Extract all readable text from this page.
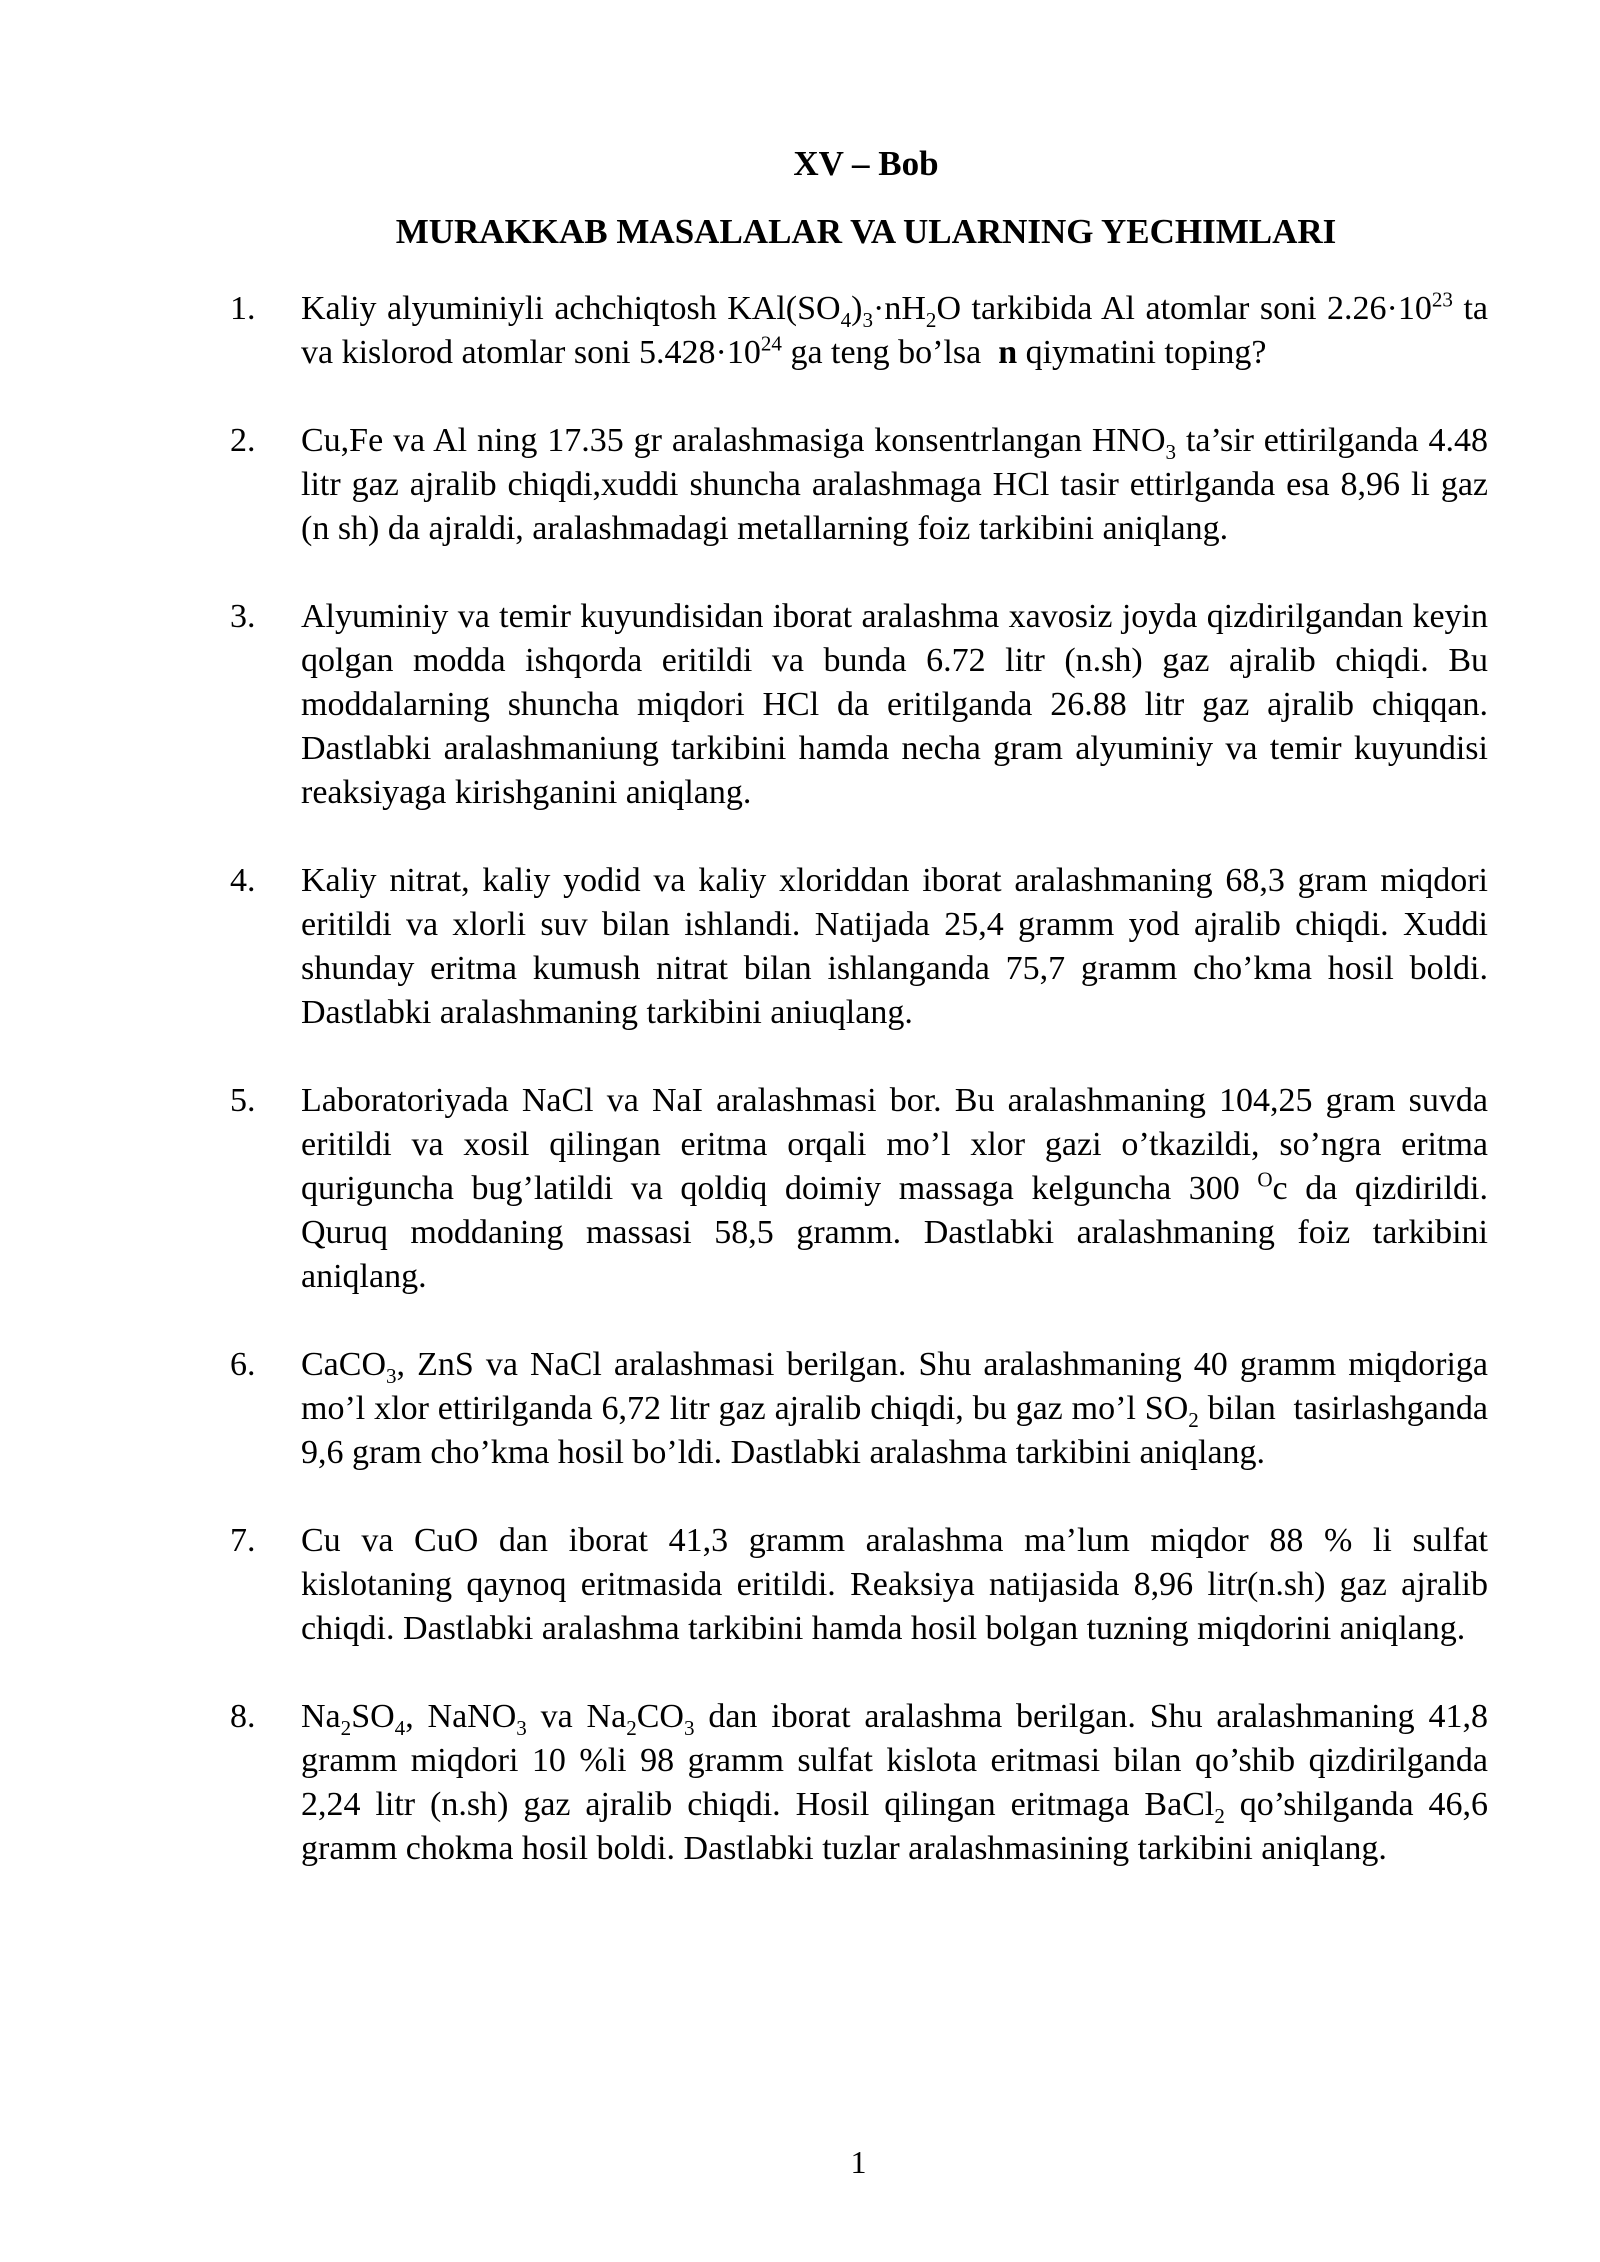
XV – Bob
MURAKKAB MASALALAR VA ULARNING YECHIMLARI
1.	Kaliy alyuminiyli achchiqtosh $KAl(SO_4)_3\cdot nH_2O$ tarkibida Al atomlar soni $2.26\cdot 10^{23}$ ta va kislorod atomlar soni $5.428\cdot 10^{24}$ ga teng bo’lsa  n qiymatini toping?
2.	Cu,Fe va Al ning 17.35 gr aralashmasiga konsentrlangan $HNO_3$ ta’sir ettirilganda 4.48 litr gaz ajralib chiqdi,xuddi shuncha aralashmaga HCl tasir ettirlganda esa 8,96 li gaz (n sh) da ajraldi, aralashmadagi metallarning foiz tarkibini aniqlang.
3.	Alyuminiy va temir kuyundisidan iborat aralashma xavosiz joyda qizdirilgandan keyin qolgan modda ishqorda eritildi va bunda 6.72 litr (n.sh) gaz ajralib chiqdi. Bu moddalarning shuncha miqdori HCl da eritilganda 26.88 litr gaz ajralib chiqqan. Dastlabki aralashmaniung tarkibini hamda necha gram alyuminiy va temir kuyundisi reaksiyaga kirishganini aniqlang.
4.	Kaliy nitrat, kaliy yodid va kaliy xloriddan iborat aralashmaning 68,3 gram miqdori eritildi va xlorli suv bilan ishlandi. Natijada 25,4 gramm yod ajralib chiqdi. Xuddi shunday eritma kumush nitrat bilan ishlanganda 75,7 gramm cho’kma hosil boldi. Dastlabki aralashmaning tarkibini aniuqlang.
5.	Laboratoriyada NaCl va NaI aralashmasi bor. Bu aralashmaning 104,25 gram suvda eritildi va xosil qilingan eritma orqali mo’l xlor gazi o’tkazildi, so’ngra eritma quriguncha bug’latildi va qoldiq doimiy massaga kelguncha 300 $^O$c da qizdirildi. Quruq moddaning massasi 58,5 gramm. Dastlabki aralashmaning foiz tarkibini aniqlang.
6.	CaCO$_3$, ZnS va NaCl aralashmasi berilgan. Shu aralashmaning 40 gramm miqdoriga mo’l xlor ettirilganda 6,72 litr gaz ajralib chiqdi, bu gaz mo’l $SO_2$ bilan  tasirlashganda 9,6 gram cho’kma hosil bo’ldi. Dastlabki aralashma tarkibini aniqlang.
7.	Cu va CuO dan iborat 41,3 gramm aralashma ma’lum miqdor 88 % li sulfat kislotaning qaynoq eritmasida eritildi. Reaksiya natijasida 8,96 litr(n.sh) gaz ajralib chiqdi. Dastlabki aralashma tarkibini hamda hosil bolgan tuzning miqdorini aniqlang.
8.	$Na_2SO_4$, NaNO$_3$ va $Na_2CO_3$ dan iborat aralashma berilgan. Shu aralashmaning 41,8 gramm miqdori 10 %li 98 gramm sulfat kislota eritmasi bilan qo’shib qizdirilganda 2,24 litr (n.sh) gaz ajralib chiqdi. Hosil qilingan eritmaga BaCl$_2$ qo’shilganda 46,6 gramm chokma hosil boldi. Dastlabki tuzlar aralashmasining tarkibini aniqlang.
1
